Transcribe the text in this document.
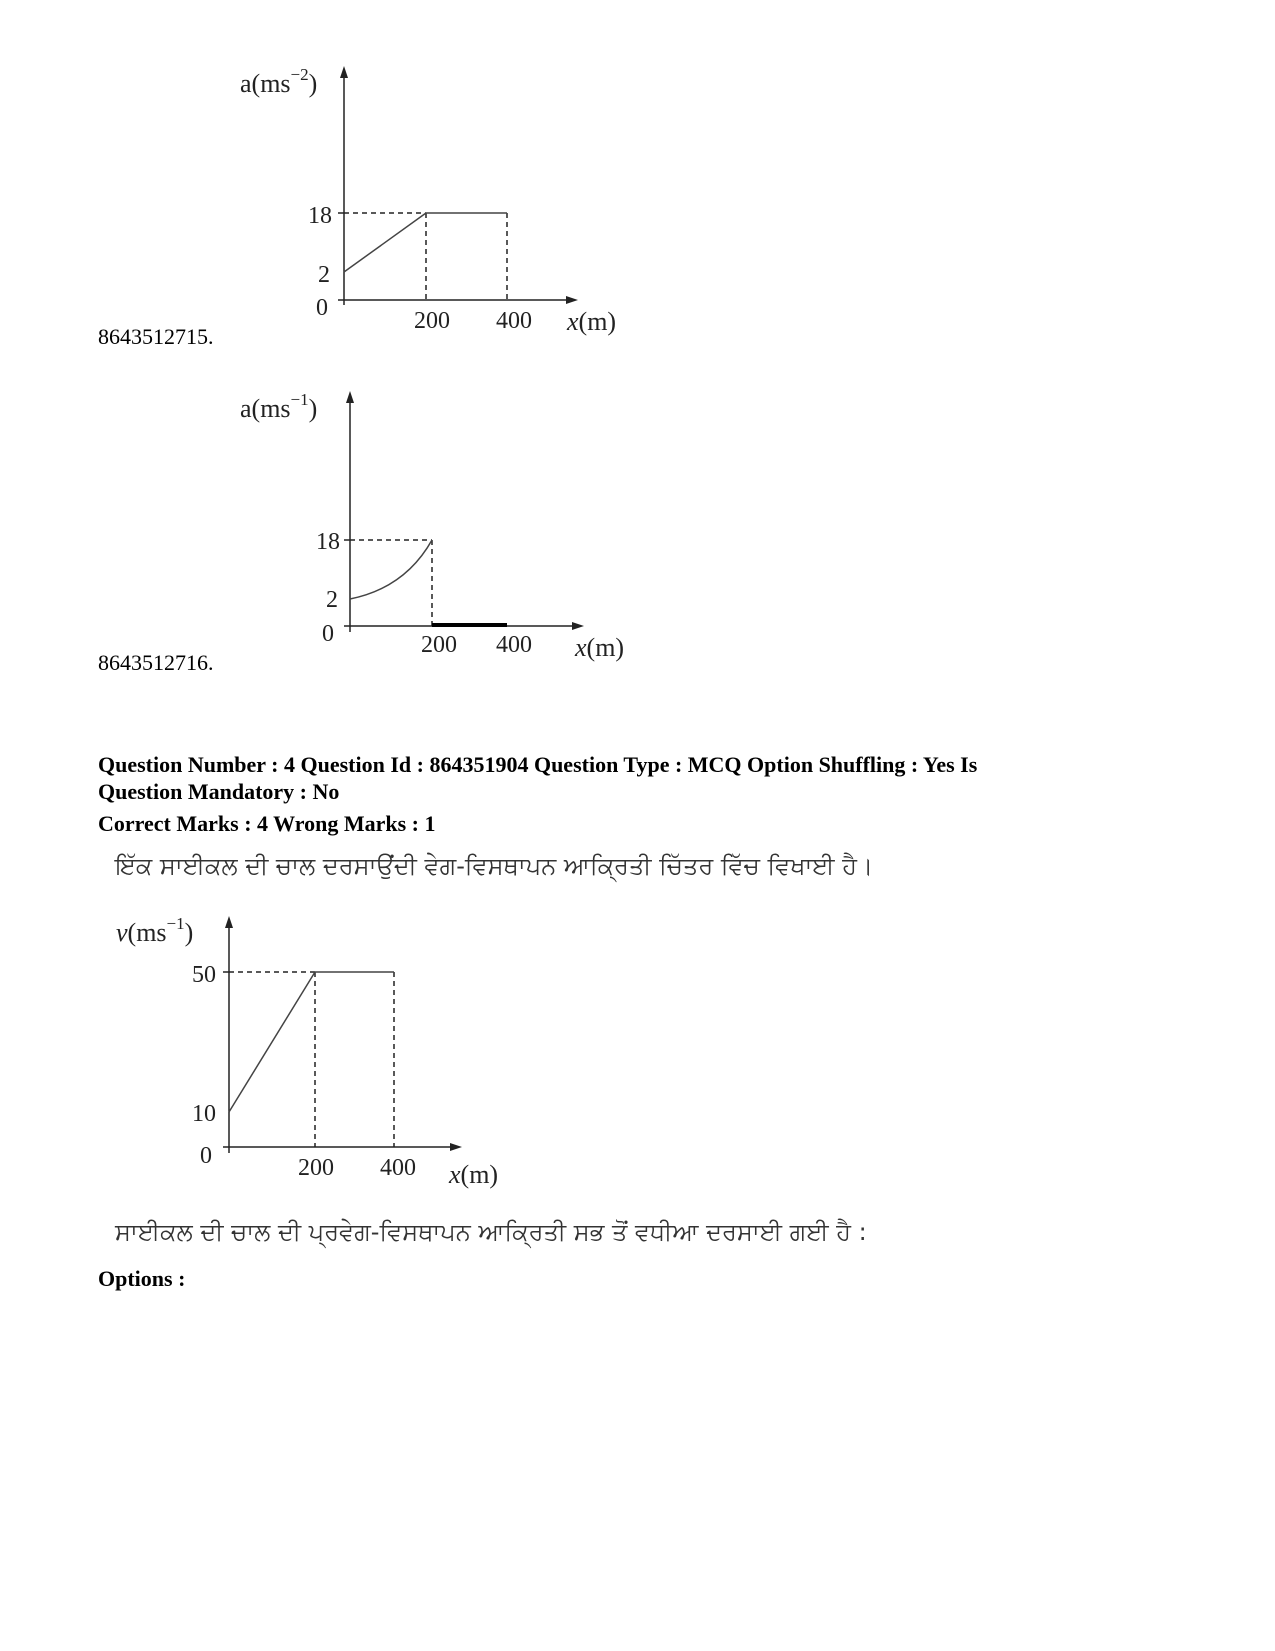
$a(ms^{-2})$
18
2
0	200 400 x(m)
8643512715.
$a(ms^{-1})$
18
2
0	200 400 x(m)
8643512716.
Question Number : 4 Question Id : 864351904 Question Type : MCQ Option Shuffling : Yes Is
Question Mandatory : No
Correct Marks : 4 Wrong Marks : 1
ਇੱਕ ਸਾਈਕਲ ਦੀ ਚਾਲ ਦਰਸਾਉਂਦੀ ਵੇਗ-ਵਿਸਥਾਪਨ ਆਕ੍ਰਿਤੀ ਚਿੱਤਰ ਵਿੱਚ ਵਿਖਾਈ ਹੈ।
$v(ms^{-1})$
50
10
0	200 400 x(m)
ਸਾਈਕਲ ਦੀ ਚਾਲ ਦੀ ਪ੍ਰਵੇਗ-ਵਿਸਥਾਪਨ ਆਕ੍ਰਿਤੀ ਸਭ ਤੋਂ ਵਧੀਆ ਦਰਸਾਈ ਗਈ ਹੈ :
Options :
